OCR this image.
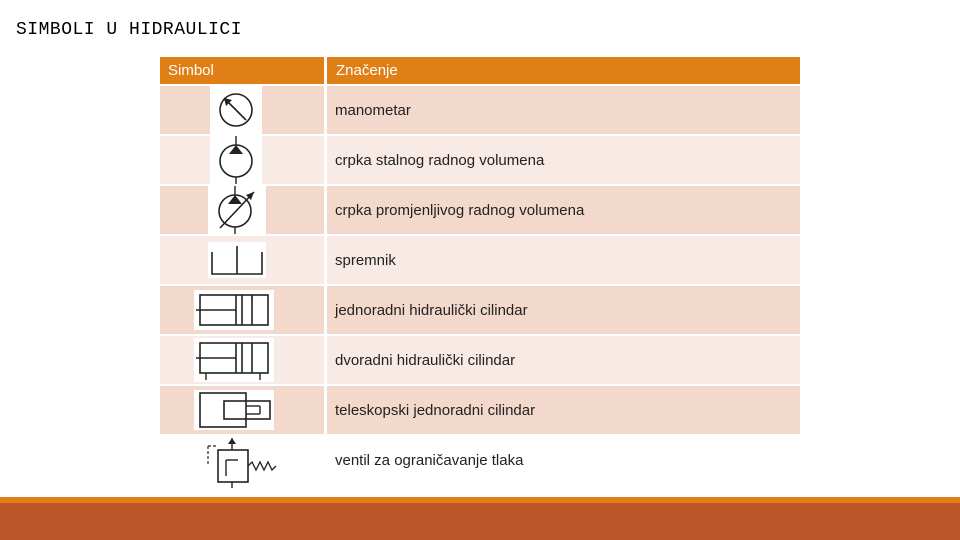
SIMBOLI U HIDRAULICI
Simbol	Značenje

	manometar

	crpka stalnog radnog volumena

	crpka promjenljivog radnog volumena

	spremnik

	jednoradni hidraulički cilindar

	dvoradni hidraulički cilindar

	teleskopski jednoradni cilindar

	ventil za ograničavanje tlaka
